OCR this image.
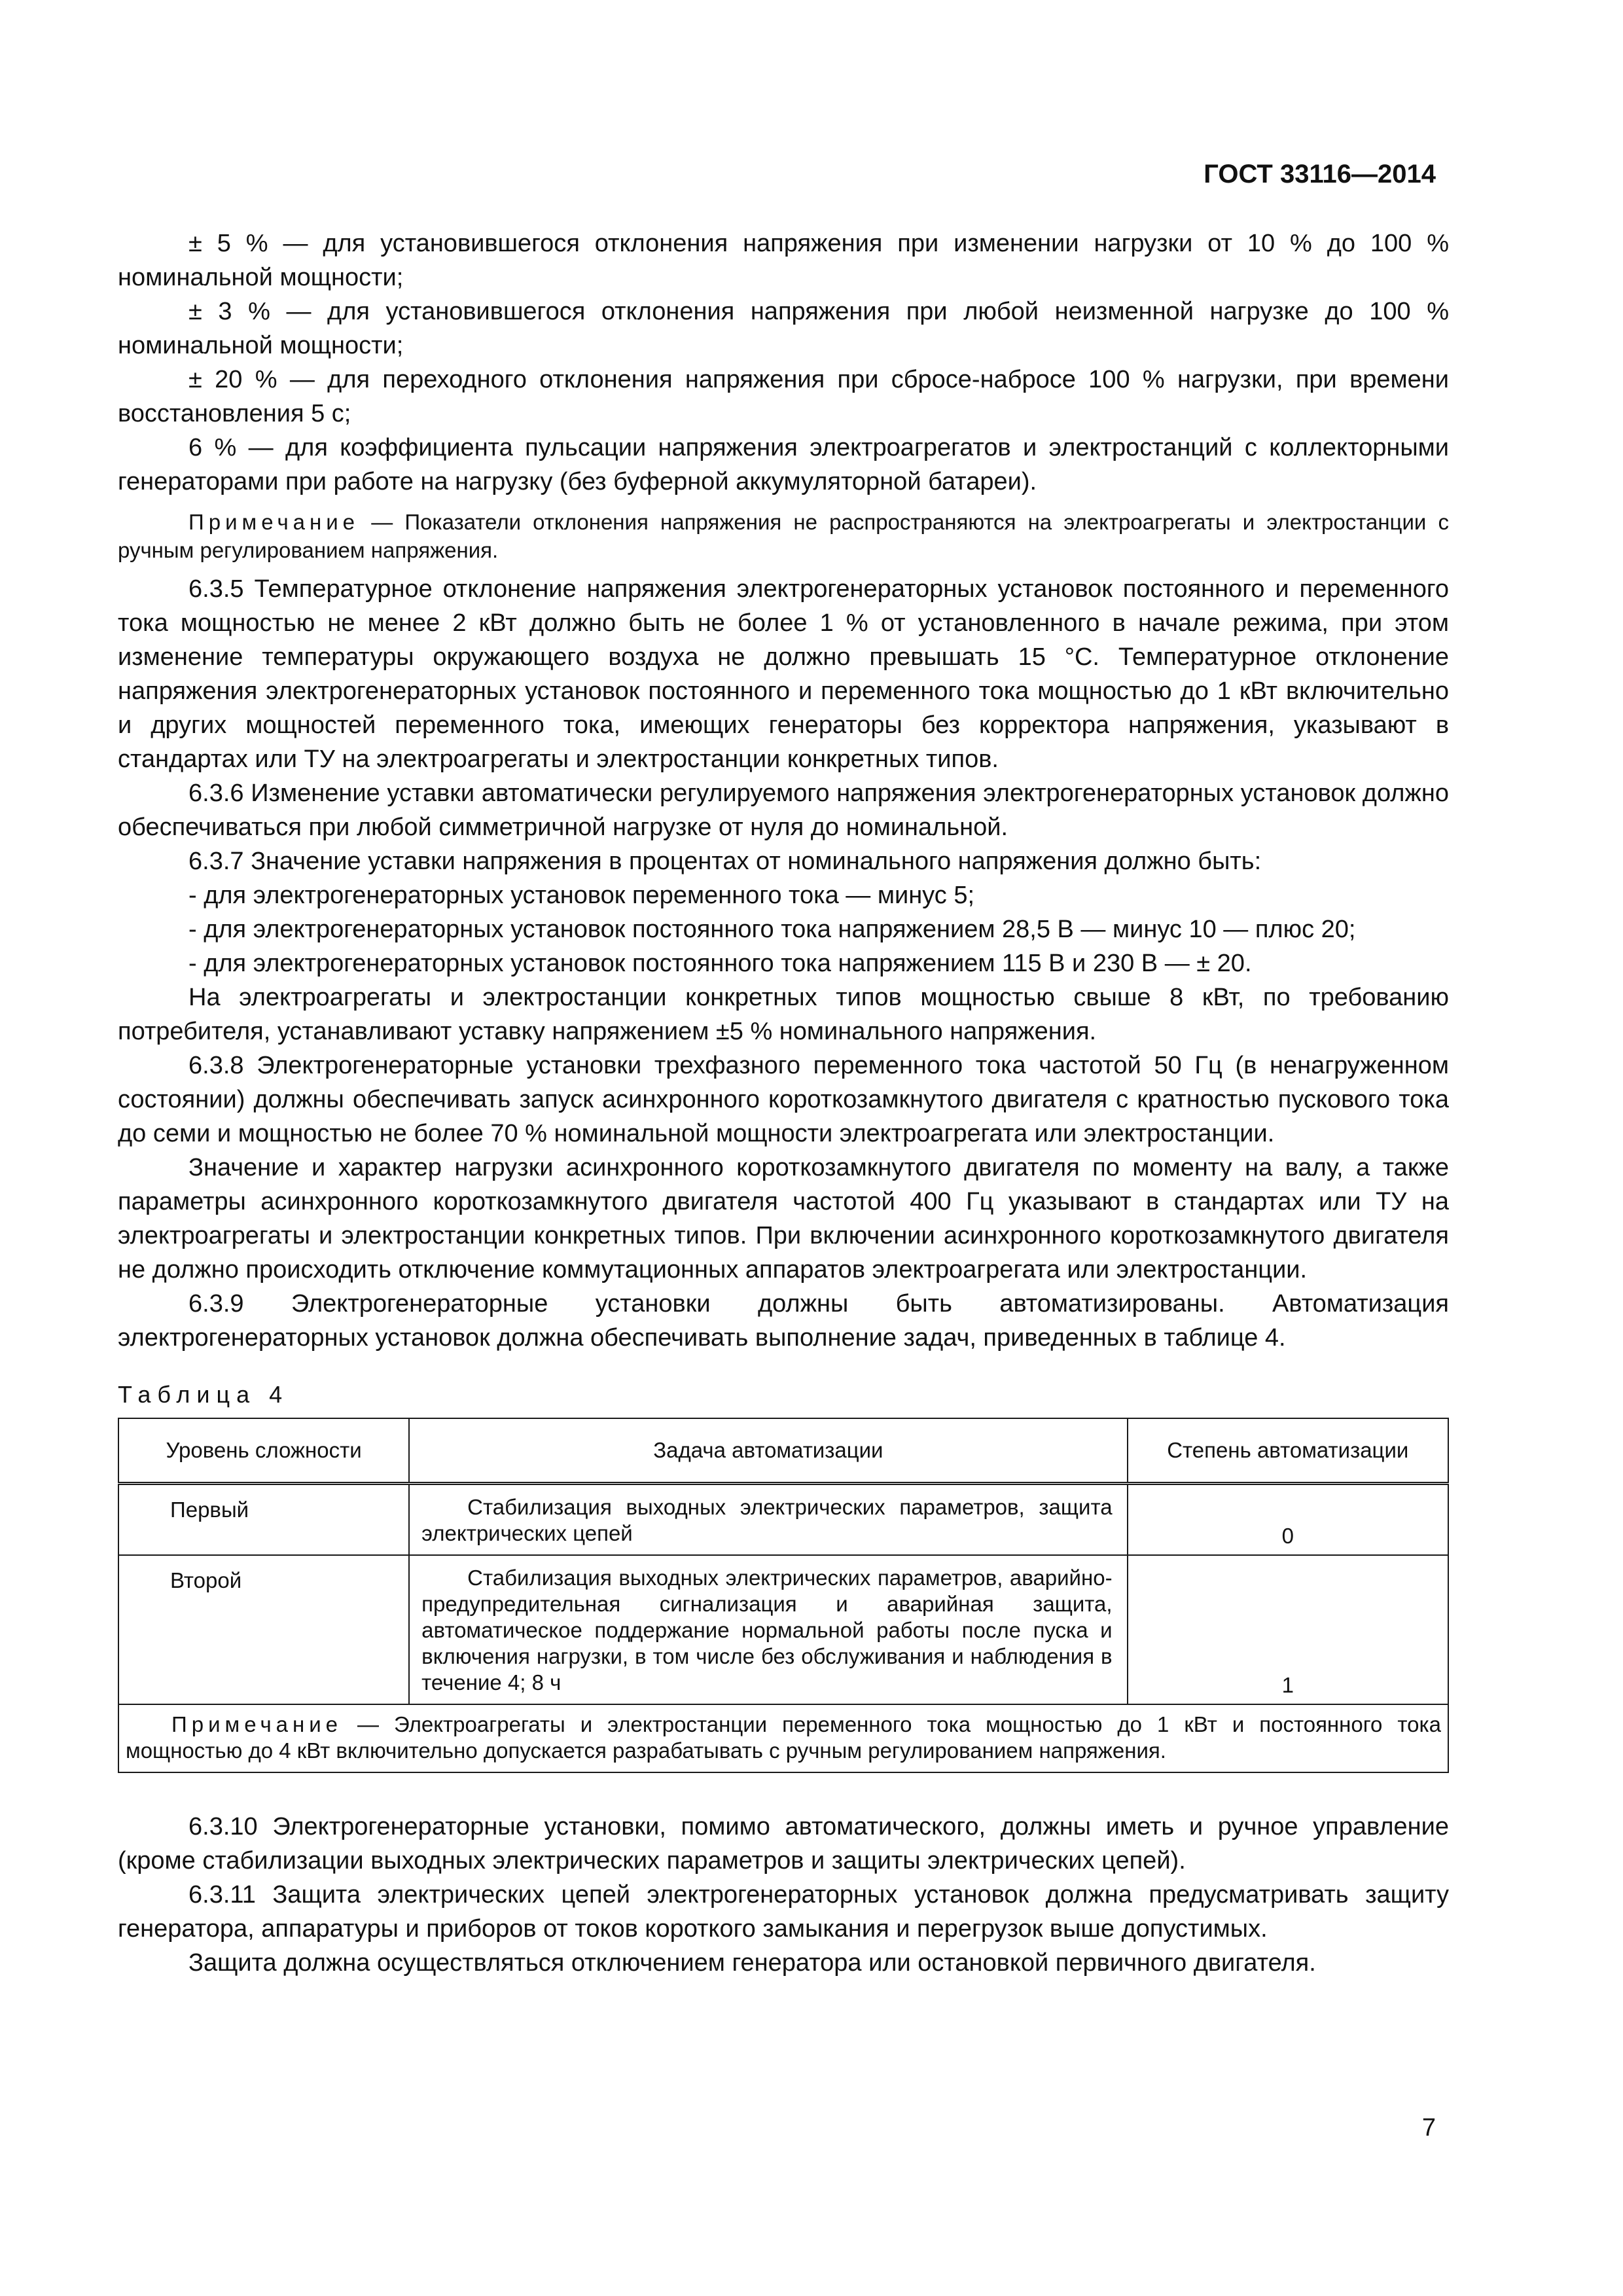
ГОСТ 33116—2014

± 5 % — для установившегося отклонения напряжения при изменении нагрузки от 10 % до 100 % номинальной мощности;

± 3 % — для установившегося отклонения напряжения при любой неизменной нагрузке до 100 % номинальной мощности;

± 20 % — для переходного отклонения напряжения при сбросе-набросе 100 % нагрузки, при времени восстановления 5 с;

6 % — для коэффициента пульсации напряжения электроагрегатов и электростанций с коллекторными генераторами при работе на нагрузку (без буферной аккумуляторной батареи).

Примечание — Показатели отклонения напряжения не распространяются на электроагрегаты и электростанции с ручным регулированием напряжения.

6.3.5 Температурное отклонение напряжения электрогенераторных установок постоянного и переменного тока мощностью не менее 2 кВт должно быть не более 1 % от установленного в начале режима, при этом изменение температуры окружающего воздуха не должно превышать 15 °С. Температурное отклонение напряжения электрогенераторных установок постоянного и переменного тока мощностью до 1 кВт включительно и других мощностей переменного тока, имеющих генераторы без корректора напряжения, указывают в стандартах или ТУ на электроагрегаты и электростанции конкретных типов.

6.3.6 Изменение уставки автоматически регулируемого напряжения электрогенераторных установок должно обеспечиваться при любой симметричной нагрузке от нуля до номинальной.

6.3.7 Значение уставки напряжения в процентах от номинального напряжения должно быть:

- для электрогенераторных установок переменного тока — минус 5;

- для электрогенераторных установок постоянного тока напряжением 28,5 В — минус 10 — плюс 20;

- для электрогенераторных установок постоянного тока напряжением 115 В и 230 В — ± 20.

На электроагрегаты и электростанции конкретных типов мощностью свыше 8 кВт, по требованию потребителя, устанавливают уставку напряжением ±5 % номинального напряжения.

6.3.8 Электрогенераторные установки трехфазного переменного тока частотой 50 Гц (в ненагруженном состоянии) должны обеспечивать запуск асинхронного короткозамкнутого двигателя с кратностью пускового тока до семи и мощностью не более 70 % номинальной мощности электроагрегата или электростанции.

Значение и характер нагрузки асинхронного короткозамкнутого двигателя по моменту на валу, а также параметры асинхронного короткозамкнутого двигателя частотой 400 Гц указывают в стандартах или ТУ на электроагрегаты и электростанции конкретных типов. При включении асинхронного короткозамкнутого двигателя не должно происходить отключение коммутационных аппаратов электроагрегата или электростанции.

6.3.9 Электрогенераторные установки должны быть автоматизированы. Автоматизация электрогенераторных установок должна обеспечивать выполнение задач, приведенных в таблице 4.

Таблица 4
Уровень сложности	Задача автоматизации	Степень автоматизации
Первый	Стабилизация выходных электрических параметров, защита электрических цепей	0
Второй	Стабилизация выходных электрических параметров, аварийно-предупредительная сигнализация и аварийная защита, автоматическое поддержание нормальной работы после пуска и включения нагрузки, в том числе без обслуживания и наблюдения в течение 4; 8 ч	1
Примечание — Электроагрегаты и электростанции переменного тока мощностью до 1 кВт и постоянного тока мощностью до 4 кВт включительно допускается разрабатывать с ручным регулированием напряжения.		

6.3.10 Электрогенераторные установки, помимо автоматического, должны иметь и ручное управление (кроме стабилизации выходных электрических параметров и защиты электрических цепей).

6.3.11 Защита электрических цепей электрогенераторных установок должна предусматривать защиту генератора, аппаратуры и приборов от токов короткого замыкания и перегрузок выше допустимых.

Защита должна осуществляться отключением генератора или остановкой первичного двигателя.

7
